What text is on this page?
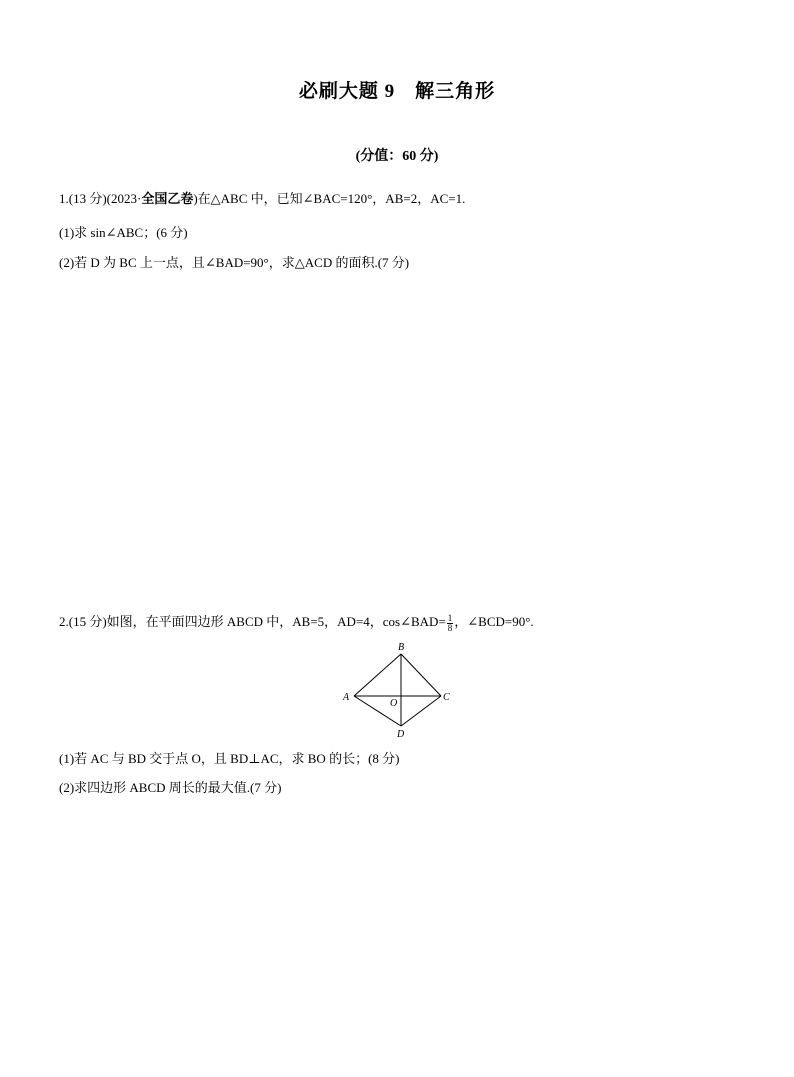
必刷大题 9　解三角形
(分值：60 分)
1.(13 分)(2023·全国乙卷)在△ABC 中，已知∠BAC=120°，AB=2，AC=1.
(1)求 sin∠ABC；(6 分)
(2)若 D 为 BC 上一点，且∠BAD=90°，求△ACD 的面积.(7 分)
2.(15 分)如图，在平面四边形 ABCD 中，AB=5，AD=4，cos∠BAD= $\frac{1}{8}$ ，∠BCD=90°.
B
A	C
O
D
(1)若 AC 与 BD 交于点 O，且 BD⊥AC，求 BO 的长；(8 分)
(2)求四边形 ABCD 周长的最大值.(7 分)
